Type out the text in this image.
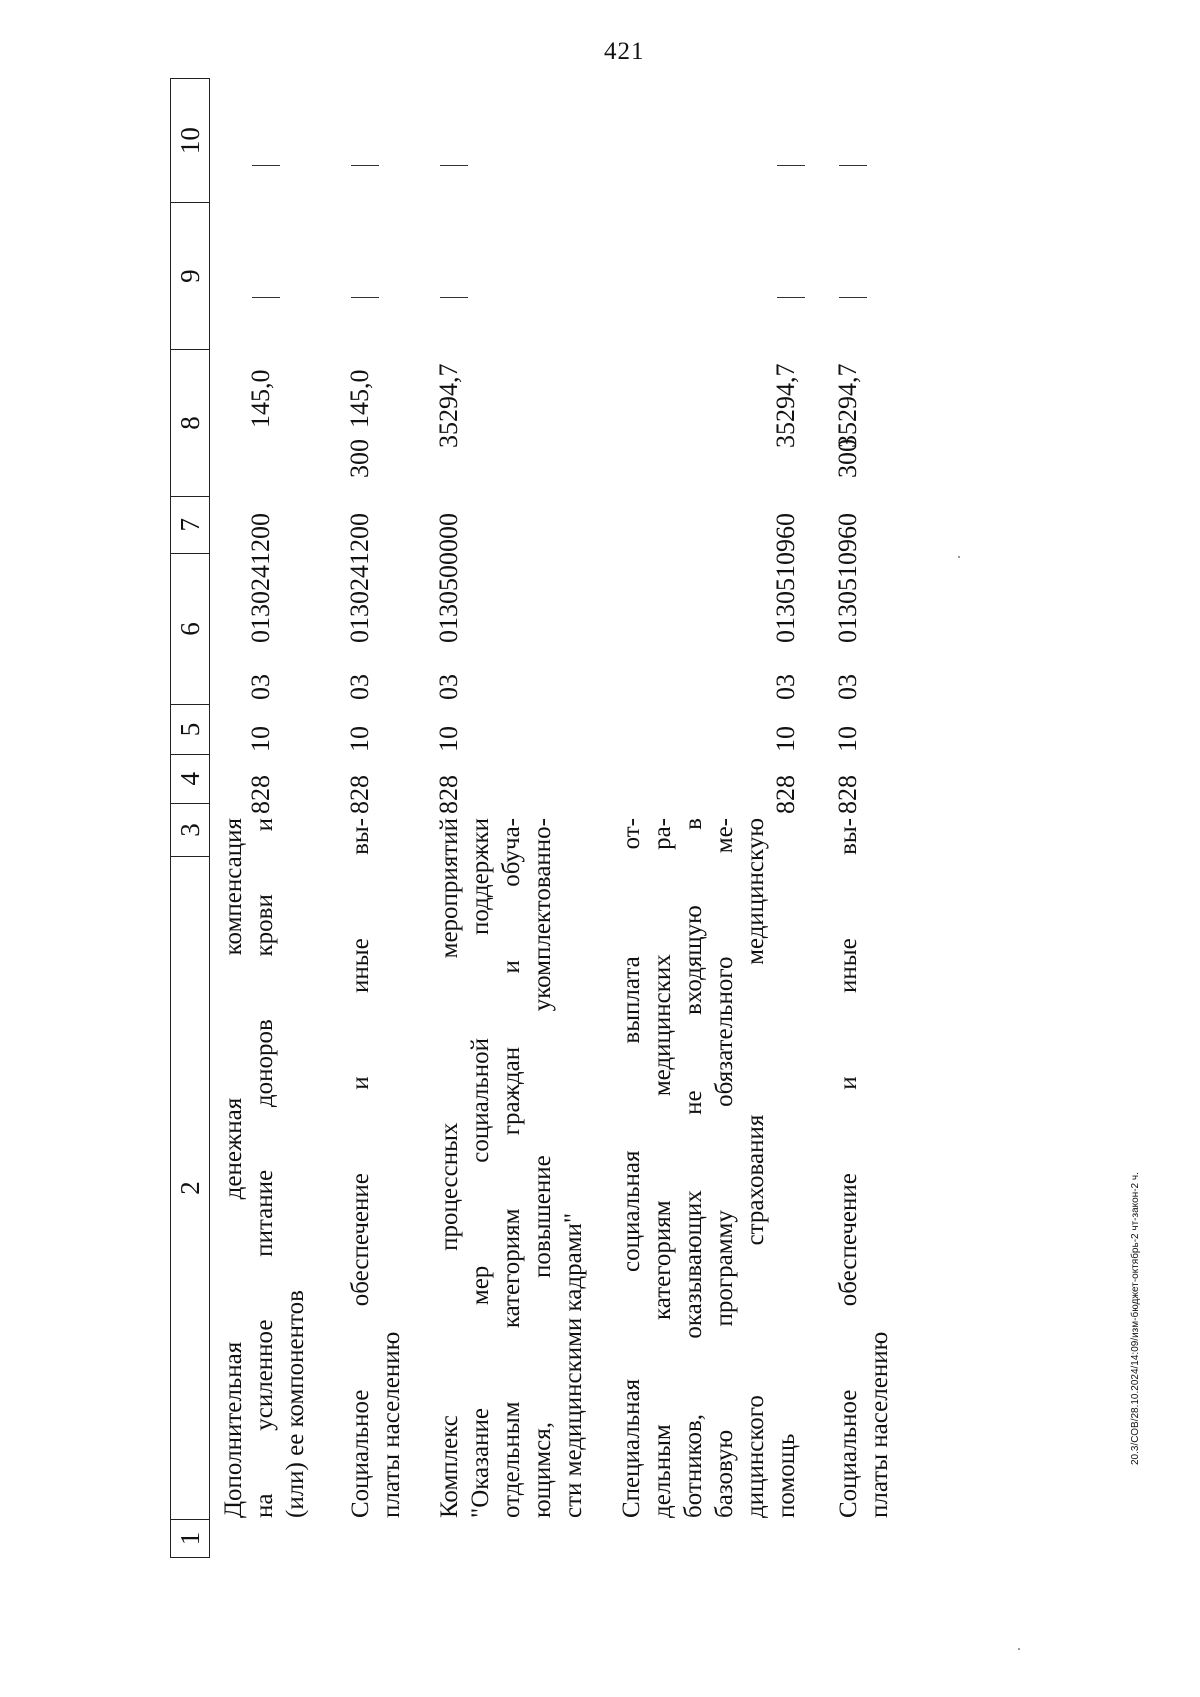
421
20.3/СОВ/28.10.2024/14:09/изм-бюджет-октябрь-2 чт-закон-2 ч.
1
2
3
4
5
6
7
8
9
10
Дополнительная денежная компенсация на усиленное питание доноров крови и (или) ее компонентов
828
10
03
0130241200
145,0
Социальное обеспечение и иные вы- платы населению
828
10
03
0130241200
300
145,0
Комплекс процессных мероприятий "Оказание мер социальной поддержки отдельным категориям граждан и обуча- ющимся, повышение укомплектованно- сти медицинскими кадрами"
828
10
03
0130500000
35294,7
Специальная социальная выплата от- дельным категориям медицинских ра- ботников, оказывающих не входящую в базовую программу обязательного ме- дицинского страхования медицинскую помощь
828
10
03
0130510960
35294,7
Социальное обеспечение и иные вы- платы населению
828
10
03
0130510960
300
35294,7
